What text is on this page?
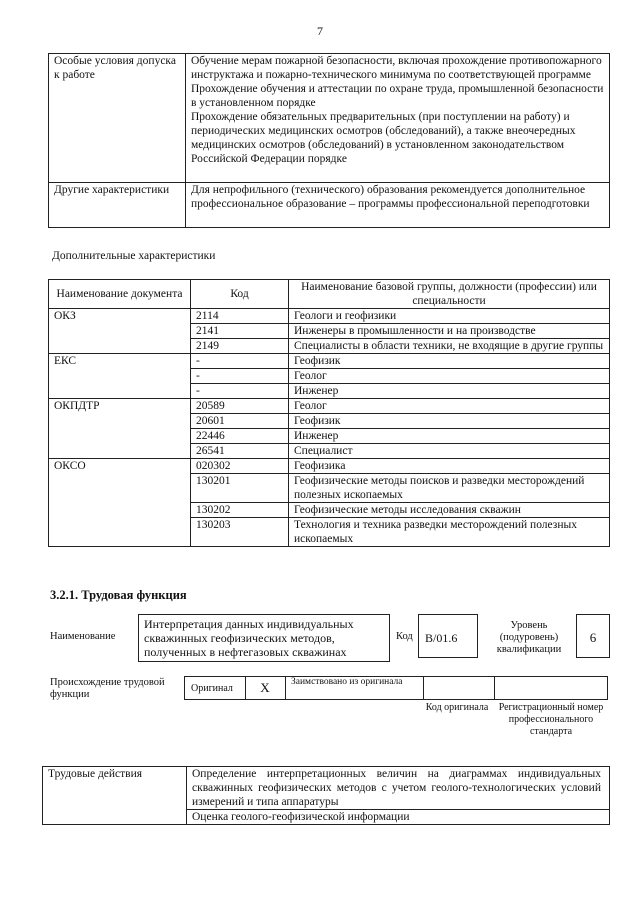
7
Особые условия допуска к работе	Обучение мерам пожарной безопасности, включая прохождение противопожарного инструктажа и пожарно-технического минимума по соответствующей программе
Прохождение обучения и аттестации по охране труда, промышленной безопасности в установленном порядке
Прохождение обязательных предварительных (при поступлении на работу) и периодических медицинских осмотров (обследований), а также внеочередных медицинских осмотров (обследований) в установленном законодательством Российской Федерации порядке

Другие характеристики	Для непрофильного (технического) образования рекомендуется дополнительное профессиональное образование – программы профессиональной переподготовки
Дополнительные характеристики
Наименование документа	Код	Наименование базовой группы, должности (профессии) или специальности
ОКЗ	2114	Геологи и геофизики
	2141	Инженеры в промышленности и на производстве
	2149	Специалисты в области техники, не входящие в другие группы
ЕКС	-	Геофизик
	-	Геолог
	-	Инженер
ОКПДТР	20589	Геолог
	20601	Геофизик
	22446	Инженер
	26541	Специалист
ОКСО	020302	Геофизика
	130201	Геофизические методы поисков и разведки месторождений полезных ископаемых
	130202	Геофизические методы исследования скважин
	130203	Технология и техника разведки месторождений полезных ископаемых
3.2.1. Трудовая функция
Наименование
Интерпретация данных индивидуальных скважинных геофизических методов, полученных в нефтегазовых скважинах
Код	В/01.6
Уровень (подуровень) квалификации
6
Происхождение трудовой функции
Оригинал	X	Заимствовано из оригинала
Код оригинала	Регистрационный номер профессионального стандарта
Трудовые действия	Определение интерпретационных величин на диаграммах индивидуальных скважинных геофизических методов с учетом геолого-технологических условий измерений и типа аппаратуры
Оценка геолого-геофизической информации
